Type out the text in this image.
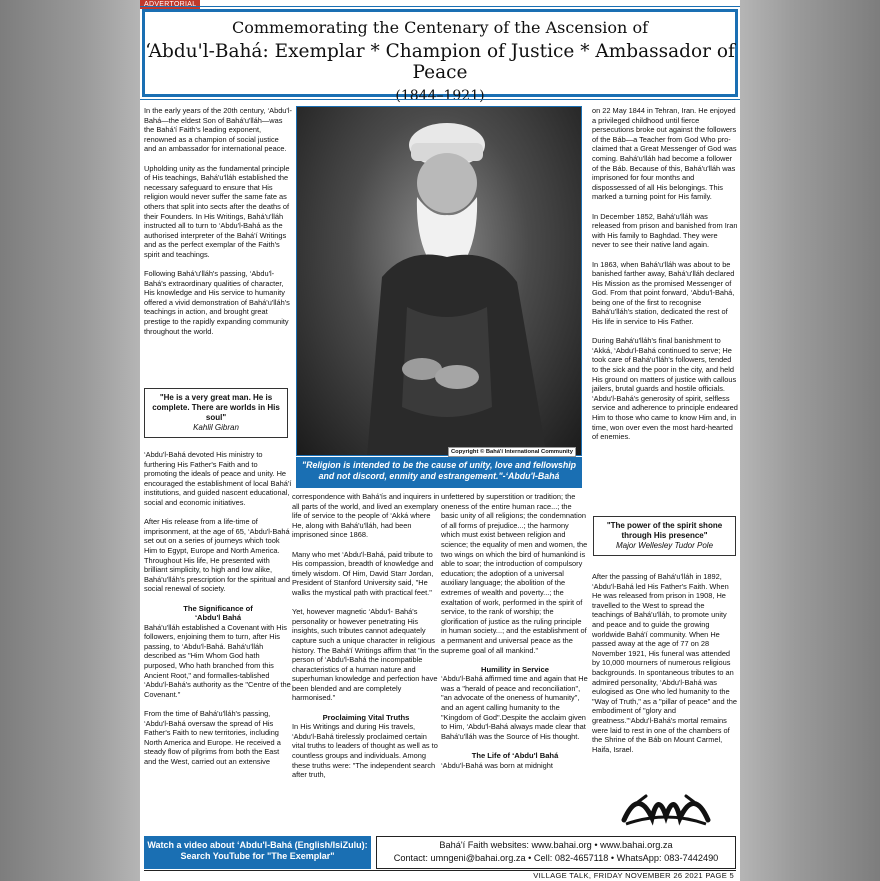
ADVERTORIAL
Commemorating the Centenary of the Ascension of
‘Abdu'l-Bahá: Exemplar * Champion of Justice * Ambassador of Peace
(1844–1921)

In the early years of the 20th century, ‘Abdu'l-Bahá—the eldest Son of Bahá'u'lláh—was the Bahá'í Faith's leading exponent, renowned as a champion of social justice and an ambassador for international peace.

Upholding unity as the fundamental principle of His teachings, Bahá'u'lláh established the necessary safeguard to ensure that His religion would never suffer the same fate as others that split into sects after the deaths of their Founders. In His Writings, Bahá'u'lláh instructed all to turn to ‘Abdu'l-Bahá as the authorised interpreter of the Bahá'í Writings and as the perfect exemplar of the Faith's spirit and teachings.

Following Bahá'u'lláh's passing, ‘Abdu'l-Bahá's extraordinary qualities of character, His knowledge and His service to humanity offered a vivid demonstration of Bahá'u'lláh's teachings in action, and brought great prestige to the rapidly expanding community throughout the world.

"He is a very great man. He is complete. There are worlds in His soul"
Kahlil Gibran

‘Abdu'l-Bahá devoted His ministry to furthering His Father's Faith and to promoting the ideals of peace and unity. He encouraged the establishment of local Bahá'í institutions, and guided nascent educational, social and economic initiatives.

After His release from a life-time of imprisonment, at the age of 65, ‘Abdu'l-Bahá set out on a series of journeys which took Him to Egypt, Europe and North America. Throughout His life, He presented with brilliant simplicity, to high and low alike, Bahá'u'lláh's prescription for the spiritual and social renewal of society.

The Significance of
‘Abdu'l Bahá

Bahá'u'lláh established a Covenant with His followers, enjoining them to turn, after His passing, to ‘Abdu'l-Bahá. Bahá'u'lláh described as "Him Whom God hath purposed, Who hath branched from this Ancient Root," and formalles-tablished ‘Abdu'l-Bahá's authority as the "Centre of the Covenant."

From the time of Bahá'u'lláh's passing, ‘Abdu'l-Bahá oversaw the spread of His Father's Faith to new territories, including North America and Europe. He received a steady flow of pilgrims from both the East and the West, carried out an extensive

Copyright © Bahá'í International Community
"Religion is intended to be the cause of unity, love and fellowship and not discord, enmity and estrangement."-‘Abdu'l-Bahá

correspondence with Bahá'ís and inquirers in all parts of the world, and lived an exemplary life of service to the people of ‘Akká where He, along with Bahá'u'lláh, had been imprisoned since 1868.

Many who met ‘Abdu'l-Bahá, paid tribute to His compassion, breadth of knowledge and timely wisdom. Of Him, David Starr Jordan, President of Stanford University said, "He walks the mystical path with practical feet."

Yet, however magnetic ‘Abdu'l- Bahá's personality or however penetrating His insights, such tributes cannot adequately capture such a unique character in religious history. The Bahá'í Writings affirm that "in the person of ‘Abdu'l-Bahá the incompatible characteristics of a human nature and superhuman knowledge and perfection have been blended and are completely harmonised."

Proclaiming Vital Truths

In His Writings and during His travels, ‘Abdu'l-Bahá tirelessly proclaimed certain vital truths to leaders of thought as well as to countless groups and individuals. Among these truths were: "The independent search after truth,

unfettered by superstition or tradition; the oneness of the entire human race...; the basic unity of all religions; the condemnation of all forms of prejudice...; the harmony which must exist between religion and science; the equality of men and women, the two wings on which the bird of humankind is able to soar; the introduction of compulsory education; the adoption of a universal auxiliary language; the abolition of the extremes of wealth and poverty...; the exaltation of work, performed in the spirit of service, to the rank of worship; the glorification of justice as the ruling principle in human society...; and the establishment of a permanent and universal peace as the supreme goal of all mankind."

Humility in Service

‘Abdu'l-Bahá affirmed time and again that He was a "herald of peace and reconciliation", "an advocate of the oneness of humanity", and an agent calling humanity to the "Kingdom of God".Despite the acclaim given to Him, ‘Abdu'l-Bahá always made clear that Bahá'u'lláh was the Source of His thought.

The Life of ‘Abdu'l Bahá

‘Abdu'l-Bahá was born at midnight

on 22 May 1844 in Tehran, Iran. He enjoyed a privileged childhood until fierce persecutions broke out against the followers of the Báb—a Teacher from God Who pro-claimed that a Great Messenger of God was coming. Bahá'u'lláh had become a follower of the Báb. Because of this, Bahá'u'lláh was imprisoned for four months and dispossessed of all His belongings. This marked a turning point for His family.

In December 1852, Bahá'u'lláh was released from prison and banished from Iran with His family to Baghdad. They were never to see their native land again.

In 1863, when Bahá'u'lláh was about to be banished farther away, Bahá'u'lláh declared His Mission as the promised Messenger of God. From that point forward, ‘Abdu'l-Bahá, being one of the first to recognise Bahá'u'lláh's station, dedicated the rest of His life in service to His Father.

During Bahá'u'lláh's final banishment to ‘Akká, ‘Abdu'l-Bahá continued to serve; He took care of Bahá'u'lláh's followers, tended to the sick and the poor in the city, and held His ground on matters of justice with callous jailers, brutal guards and hostile officials. ‘Abdu'l-Bahá's generosity of spirit, selfless service and adherence to principle endeared Him to those who came to know Him and, in time, won over even the most hard-hearted of enemies.

"The power of the spirit shone through His presence"
Major Wellesley Tudor Pole

After the passing of Bahá'u'lláh in 1892, ‘Abdu'l-Bahá led His Father's Faith. When He was released from prison in 1908, He travelled to the West to spread the teachings of Bahá'u'lláh, to promote unity and peace and to guide the growing worldwide Bahá'í community. When He passed away at the age of 77 on 28 November 1921, His funeral was attended by 10,000 mourners of numerous religious backgrounds. In spontaneous tributes to an admired personality, ‘Abdu'l-Bahá was eulogised as One who led humanity to the "Way of Truth," as a "pillar of peace" and the embodiment of "glory and greatness."‘Abdu'l-Bahá's mortal remains were laid to rest in one of the chambers of the Shrine of the Báb on Mount Carmel, Haifa, Israel.

Watch a video about ‘Abdu'l-Bahá (English/IsiZulu):
Search YouTube for "The Exemplar"
Bahá'í Faith websites: www.bahai.org • www.bahai.org.za
Contact: umngeni@bahai.org.za • Cell: 082-4657118 • WhatsApp: 083-7442490
VILLAGE TALK, FRIDAY NOVEMBER 26 2021 PAGE 5
